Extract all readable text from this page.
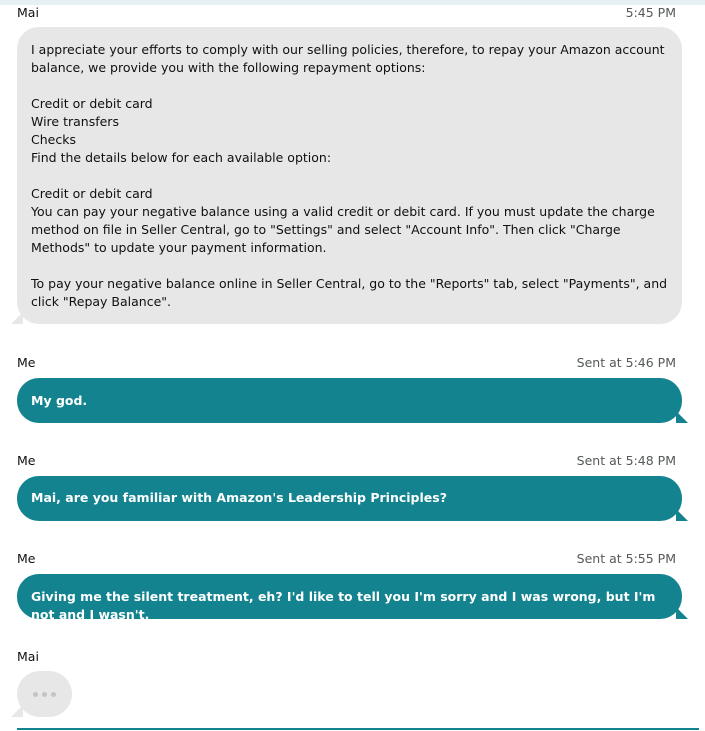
Mai	5:45 PM
I appreciate your efforts to comply with our selling policies, therefore, to repay your Amazon account balance, we provide you with the following repayment options:
Credit or debit card
Wire transfers
Checks
Find the details below for each available option:
Credit or debit card
You can pay your negative balance using a valid credit or debit card. If you must update the charge method on file in Seller Central, go to "Settings" and select "Account Info". Then click "Charge Methods" to update your payment information.
To pay your negative balance online in Seller Central, go to the "Reports" tab, select "Payments", and click "Repay Balance".
Me	Sent at 5:46 PM
My god.
Me	Sent at 5:48 PM
Mai, are you familiar with Amazon's Leadership Principles?
Me	Sent at 5:55 PM
Giving me the silent treatment, eh? I'd like to tell you I'm sorry and I was wrong, but I'm not and I wasn't.
Mai
